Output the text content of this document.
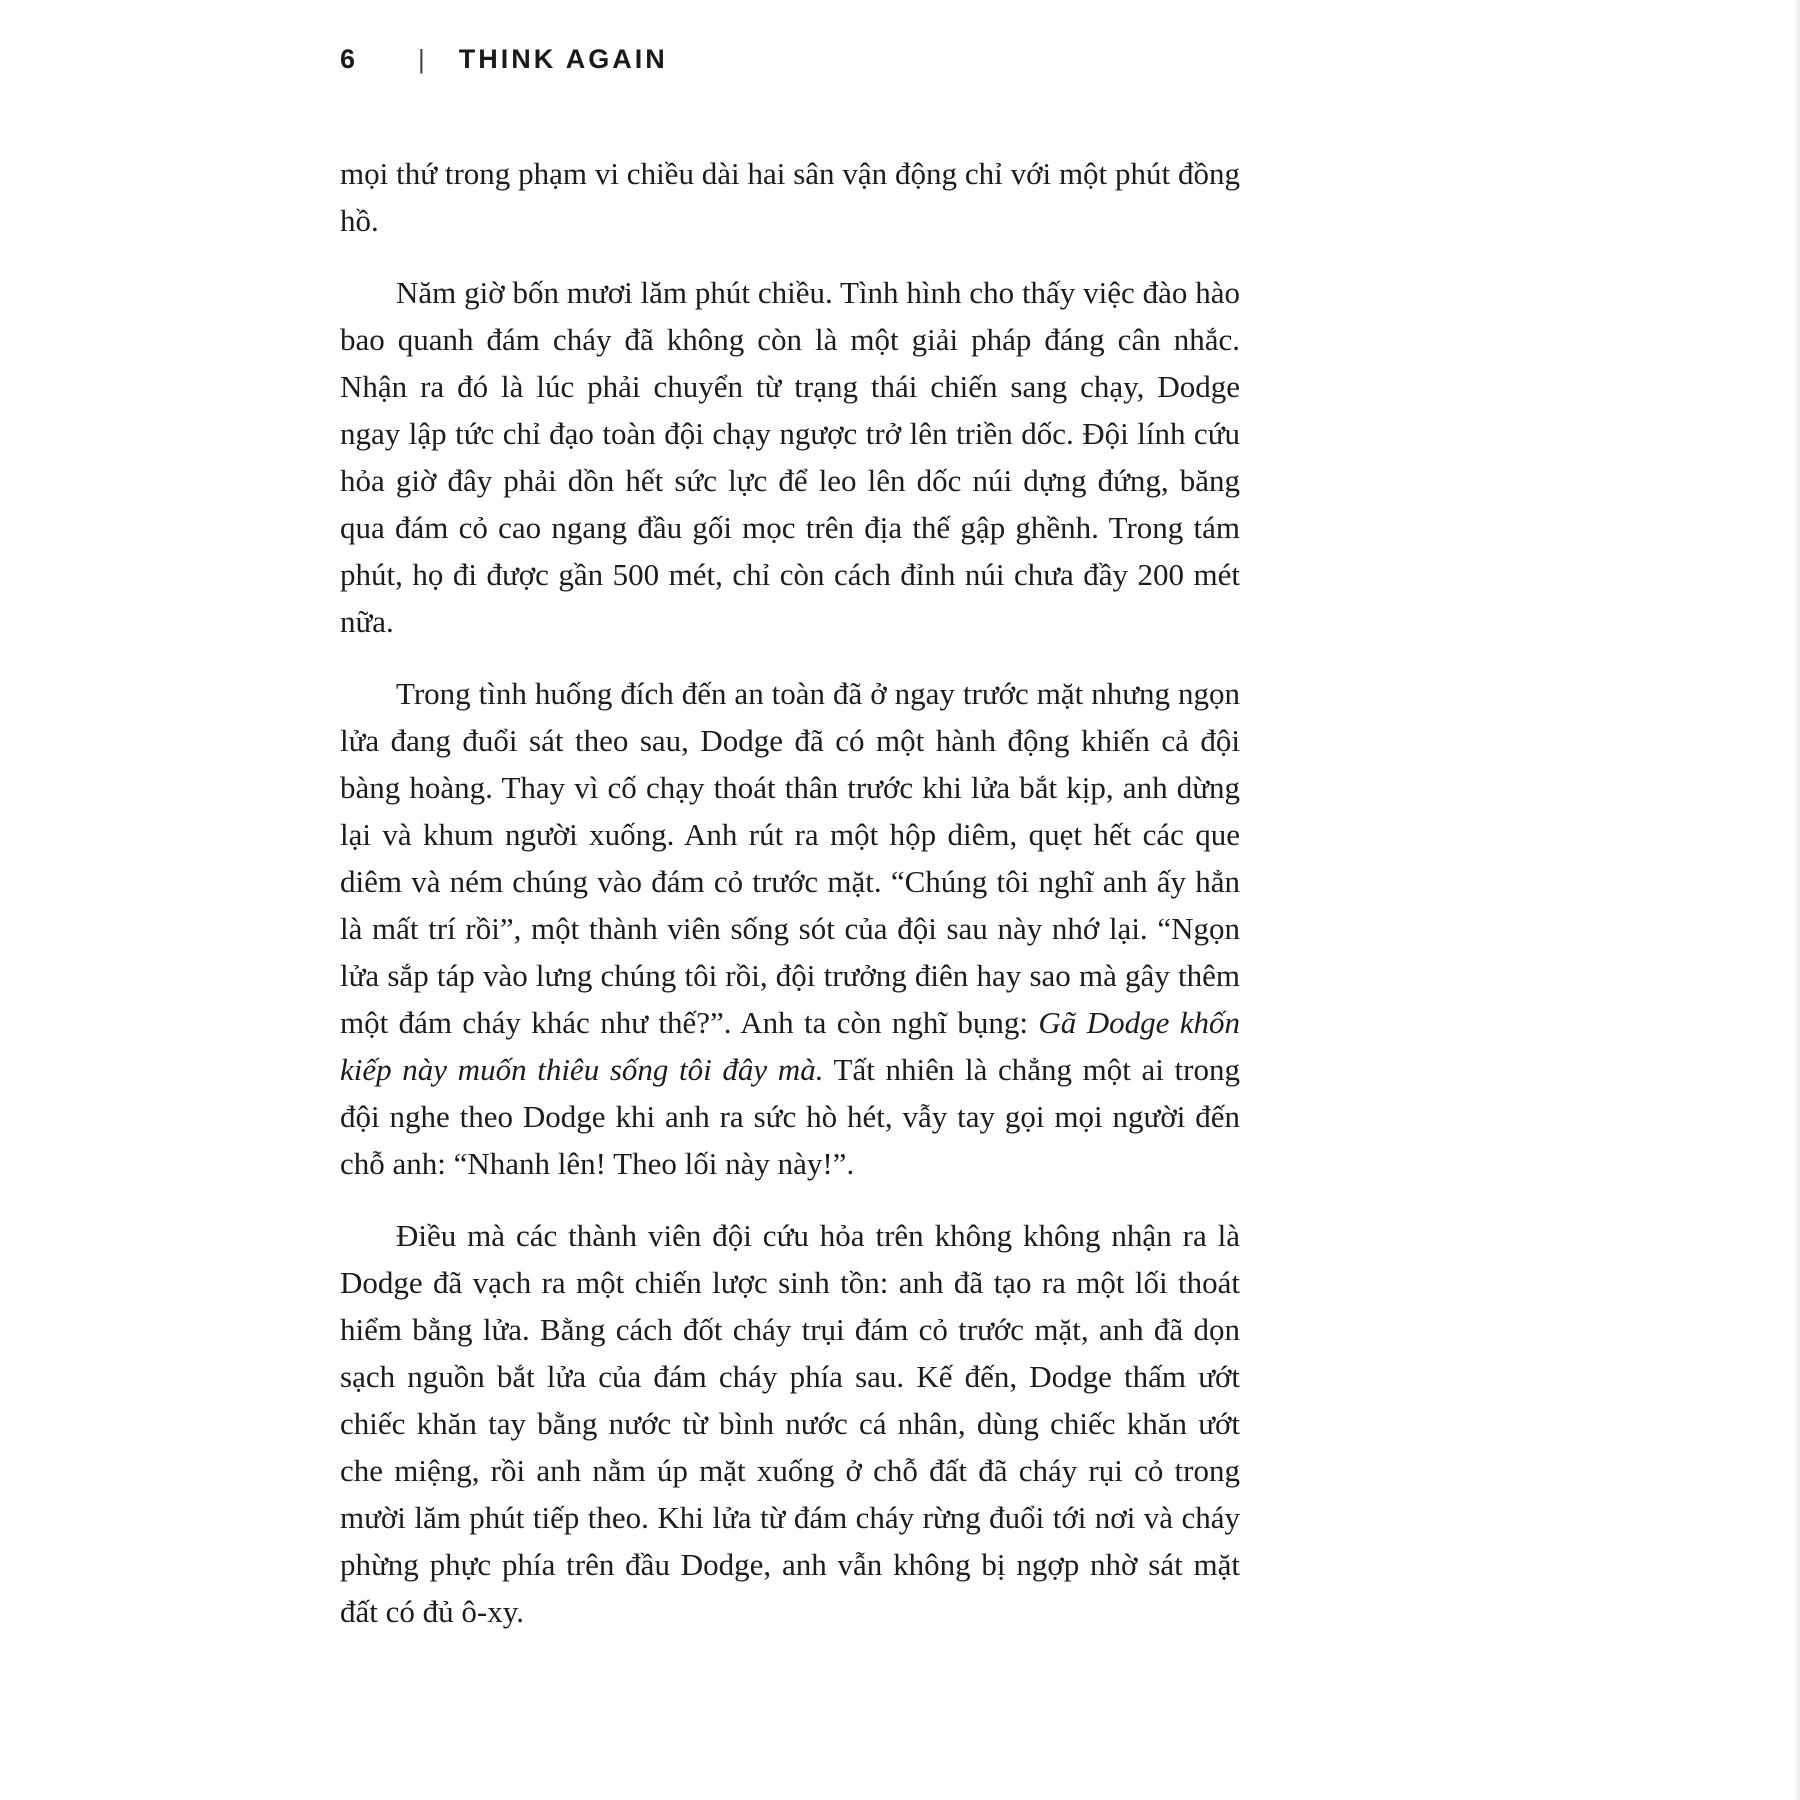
6 | THINK AGAIN

mọi thứ trong phạm vi chiều dài hai sân vận động chỉ với một phút đồng hồ.

Năm giờ bốn mươi lăm phút chiều. Tình hình cho thấy việc đào hào bao quanh đám cháy đã không còn là một giải pháp đáng cân nhắc. Nhận ra đó là lúc phải chuyển từ trạng thái chiến sang chạy, Dodge ngay lập tức chỉ đạo toàn đội chạy ngược trở lên triền dốc. Đội lính cứu hỏa giờ đây phải dồn hết sức lực để leo lên dốc núi dựng đứng, băng qua đám cỏ cao ngang đầu gối mọc trên địa thế gập ghềnh. Trong tám phút, họ đi được gần 500 mét, chỉ còn cách đỉnh núi chưa đầy 200 mét nữa.

Trong tình huống đích đến an toàn đã ở ngay trước mặt nhưng ngọn lửa đang đuổi sát theo sau, Dodge đã có một hành động khiến cả đội bàng hoàng. Thay vì cố chạy thoát thân trước khi lửa bắt kịp, anh dừng lại và khum người xuống. Anh rút ra một hộp diêm, quẹt hết các que diêm và ném chúng vào đám cỏ trước mặt. “Chúng tôi nghĩ anh ấy hẳn là mất trí rồi”, một thành viên sống sót của đội sau này nhớ lại. “Ngọn lửa sắp táp vào lưng chúng tôi rồi, đội trưởng điên hay sao mà gây thêm một đám cháy khác như thế?”. Anh ta còn nghĩ bụng: Gã Dodge khốn kiếp này muốn thiêu sống tôi đây mà. Tất nhiên là chẳng một ai trong đội nghe theo Dodge khi anh ra sức hò hét, vẫy tay gọi mọi người đến chỗ anh: “Nhanh lên! Theo lối này này!”.

Điều mà các thành viên đội cứu hỏa trên không không nhận ra là Dodge đã vạch ra một chiến lược sinh tồn: anh đã tạo ra một lối thoát hiểm bằng lửa. Bằng cách đốt cháy trụi đám cỏ trước mặt, anh đã dọn sạch nguồn bắt lửa của đám cháy phía sau. Kế đến, Dodge thấm ướt chiếc khăn tay bằng nước từ bình nước cá nhân, dùng chiếc khăn ướt che miệng, rồi anh nằm úp mặt xuống ở chỗ đất đã cháy rụi cỏ trong mười lăm phút tiếp theo. Khi lửa từ đám cháy rừng đuổi tới nơi và cháy phừng phực phía trên đầu Dodge, anh vẫn không bị ngợp nhờ sát mặt đất có đủ ô-xy.
